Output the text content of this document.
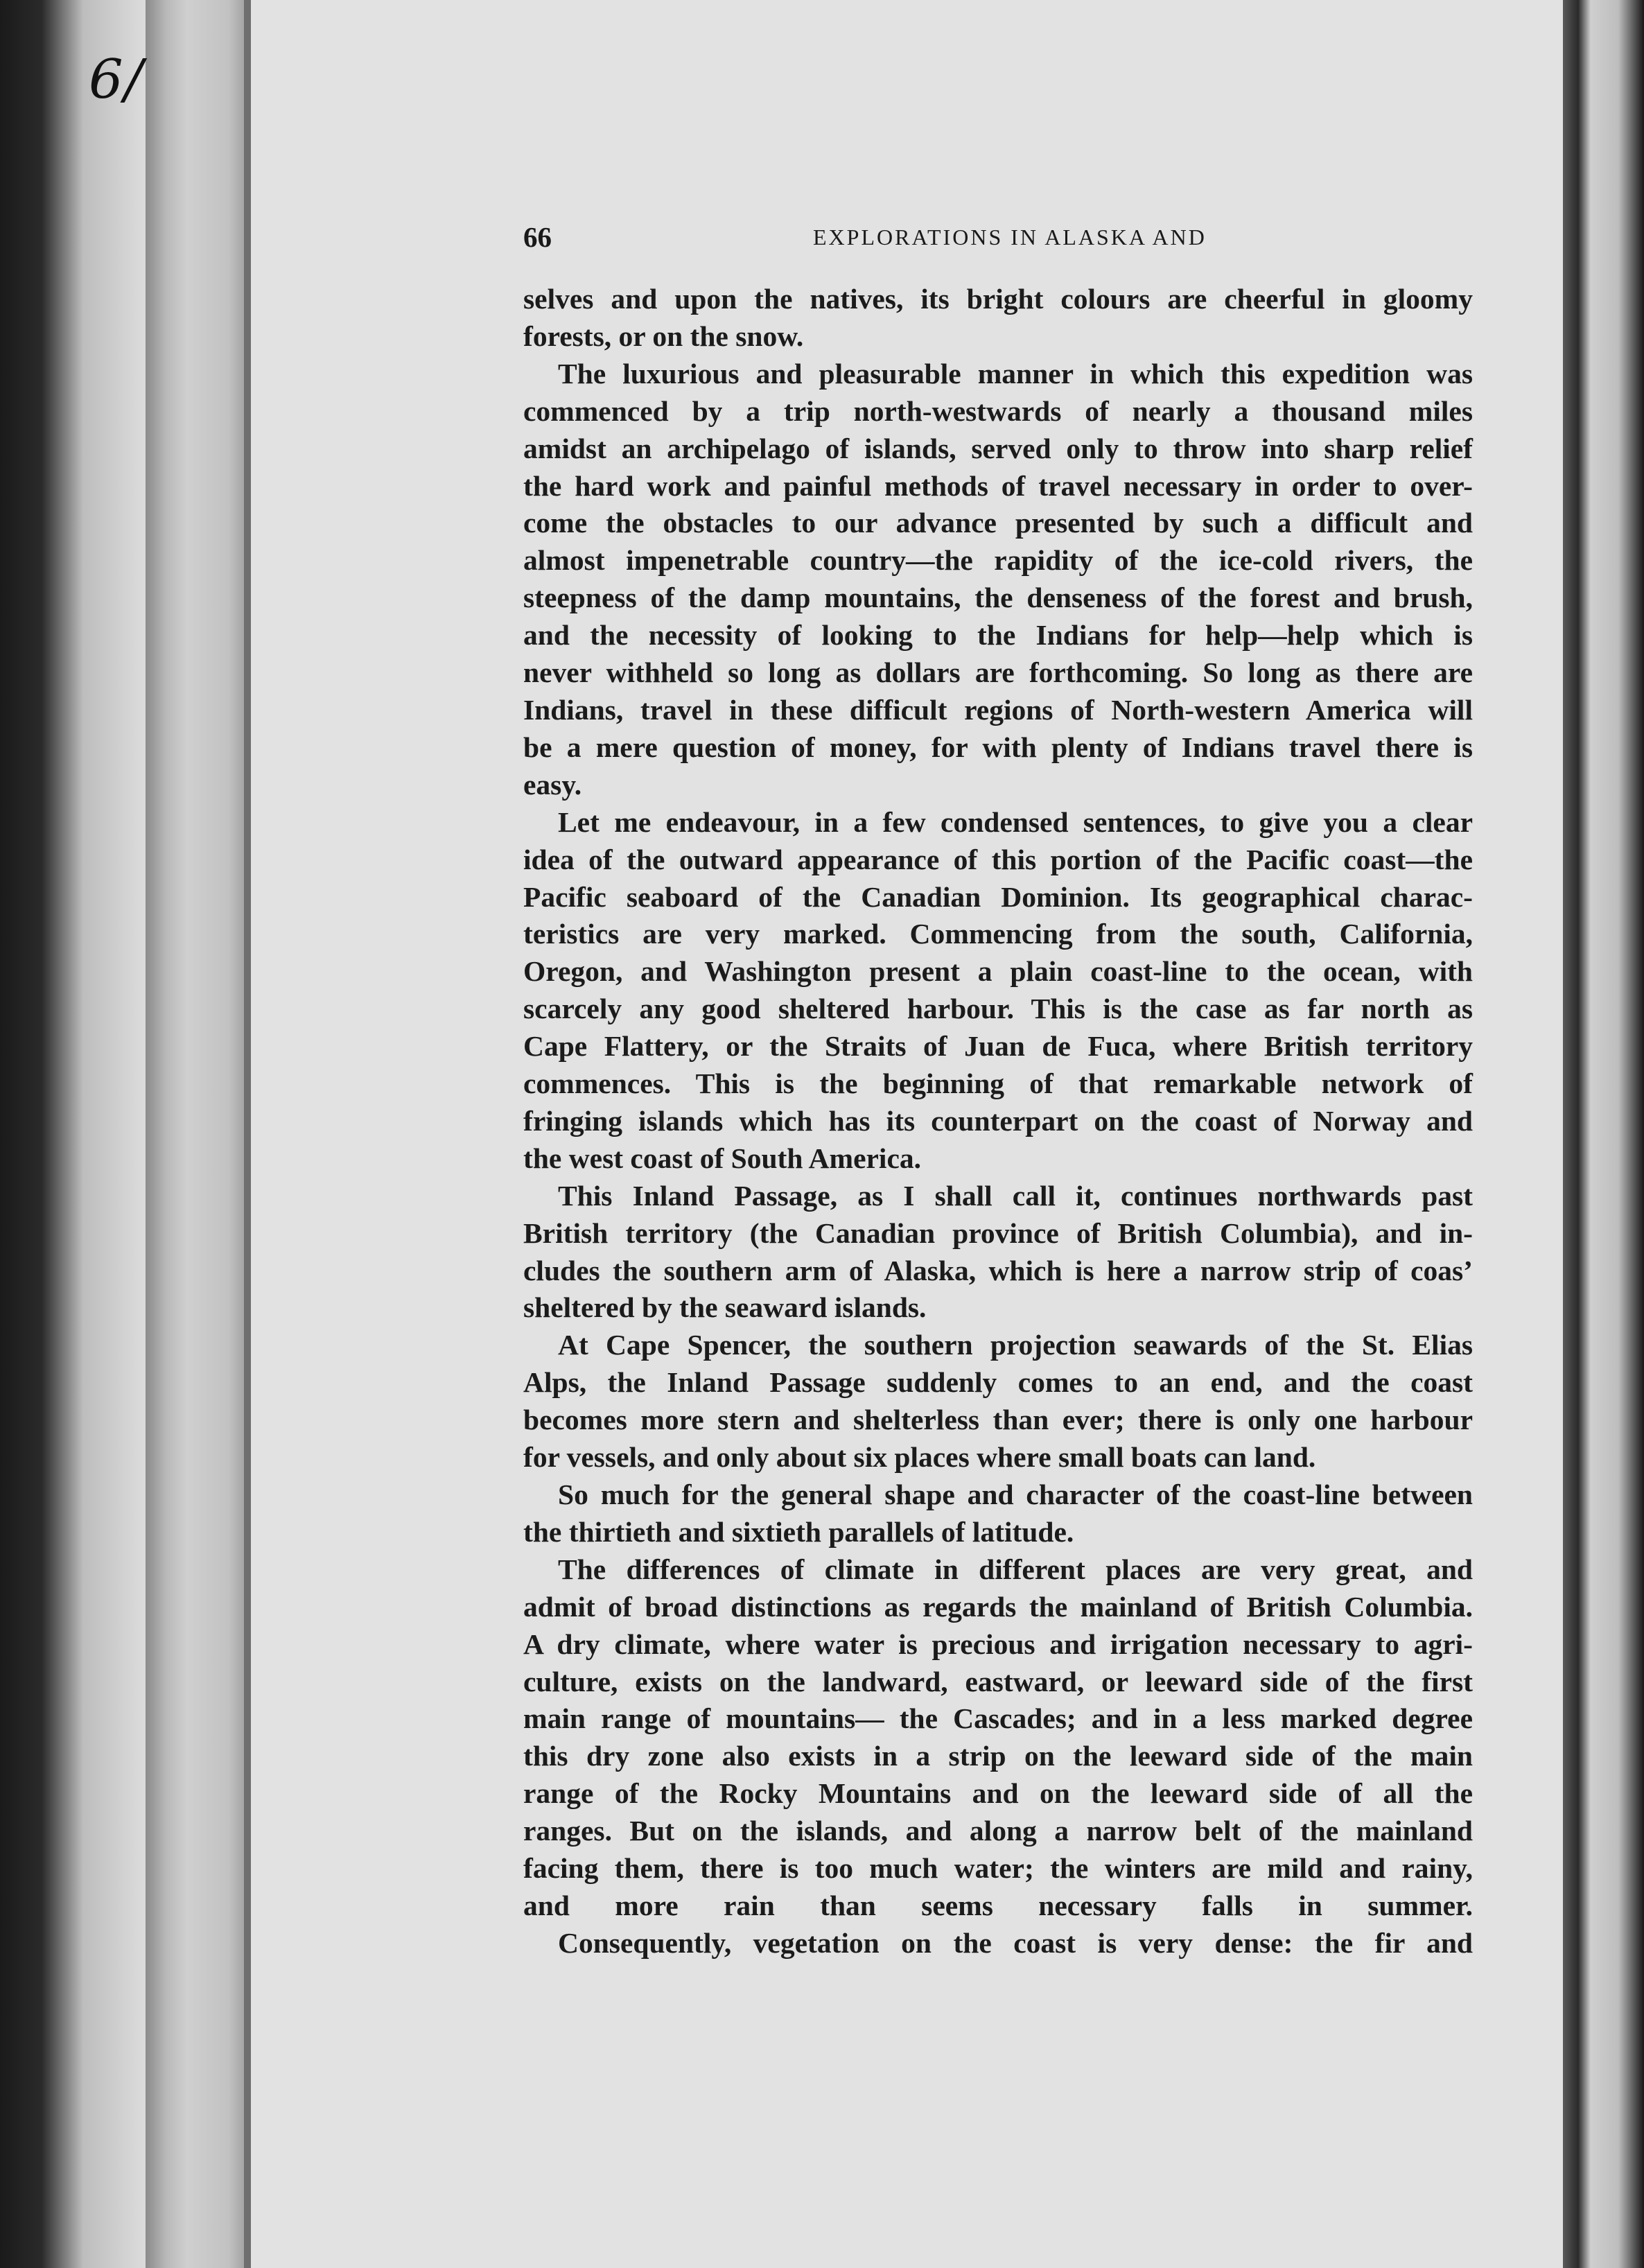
6/
66	EXPLORATIONS IN ALASKA AND

selves and upon the natives, its bright colours are cheerful in gloomy
forests, or on the snow.

The luxurious and pleasurable manner in which this expedition was
commenced by a trip north-westwards of nearly a thousand miles
amidst an archipelago of islands, served only to throw into sharp relief
the hard work and painful methods of travel necessary in order to over-
come the obstacles to our advance presented by such a difficult and
almost impenetrable country—the rapidity of the ice-cold rivers, the
steepness of the damp mountains, the denseness of the forest and brush,
and the necessity of looking to the Indians for help—help which is
never withheld so long as dollars are forthcoming. So long as there are
Indians, travel in these difficult regions of North-western America will
be a mere question of money, for with plenty of Indians travel there is
easy.

Let me endeavour, in a few condensed sentences, to give you a clear
idea of the outward appearance of this portion of the Pacific coast—the
Pacific seaboard of the Canadian Dominion. Its geographical charac-
teristics are very marked. Commencing from the south, California,
Oregon, and Washington present a plain coast-line to the ocean, with
scarcely any good sheltered harbour. This is the case as far north as
Cape Flattery, or the Straits of Juan de Fuca, where British territory
commences. This is the beginning of that remarkable network of
fringing islands which has its counterpart on the coast of Norway and
the west coast of South America.

This Inland Passage, as I shall call it, continues northwards past
British territory (the Canadian province of British Columbia), and in-
cludes the southern arm of Alaska, which is here a narrow strip of coas’
sheltered by the seaward islands.

At Cape Spencer, the southern projection seawards of the St. Elias
Alps, the Inland Passage suddenly comes to an end, and the coast
becomes more stern and shelterless than ever; there is only one harbour
for vessels, and only about six places where small boats can land.

So much for the general shape and character of the coast-line between
the thirtieth and sixtieth parallels of latitude.

The differences of climate in different places are very great, and
admit of broad distinctions as regards the mainland of British Columbia.
A dry climate, where water is precious and irrigation necessary to agri-
culture, exists on the landward, eastward, or leeward side of the first
main range of mountains— the Cascades; and in a less marked degree
this dry zone also exists in a strip on the leeward side of the main
range of the Rocky Mountains and on the leeward side of all the
ranges. But on the islands, and along a narrow belt of the mainland
facing them, there is too much water; the winters are mild and rainy,
and more rain than seems necessary falls in summer.

Consequently, vegetation on the coast is very dense: the fir and
